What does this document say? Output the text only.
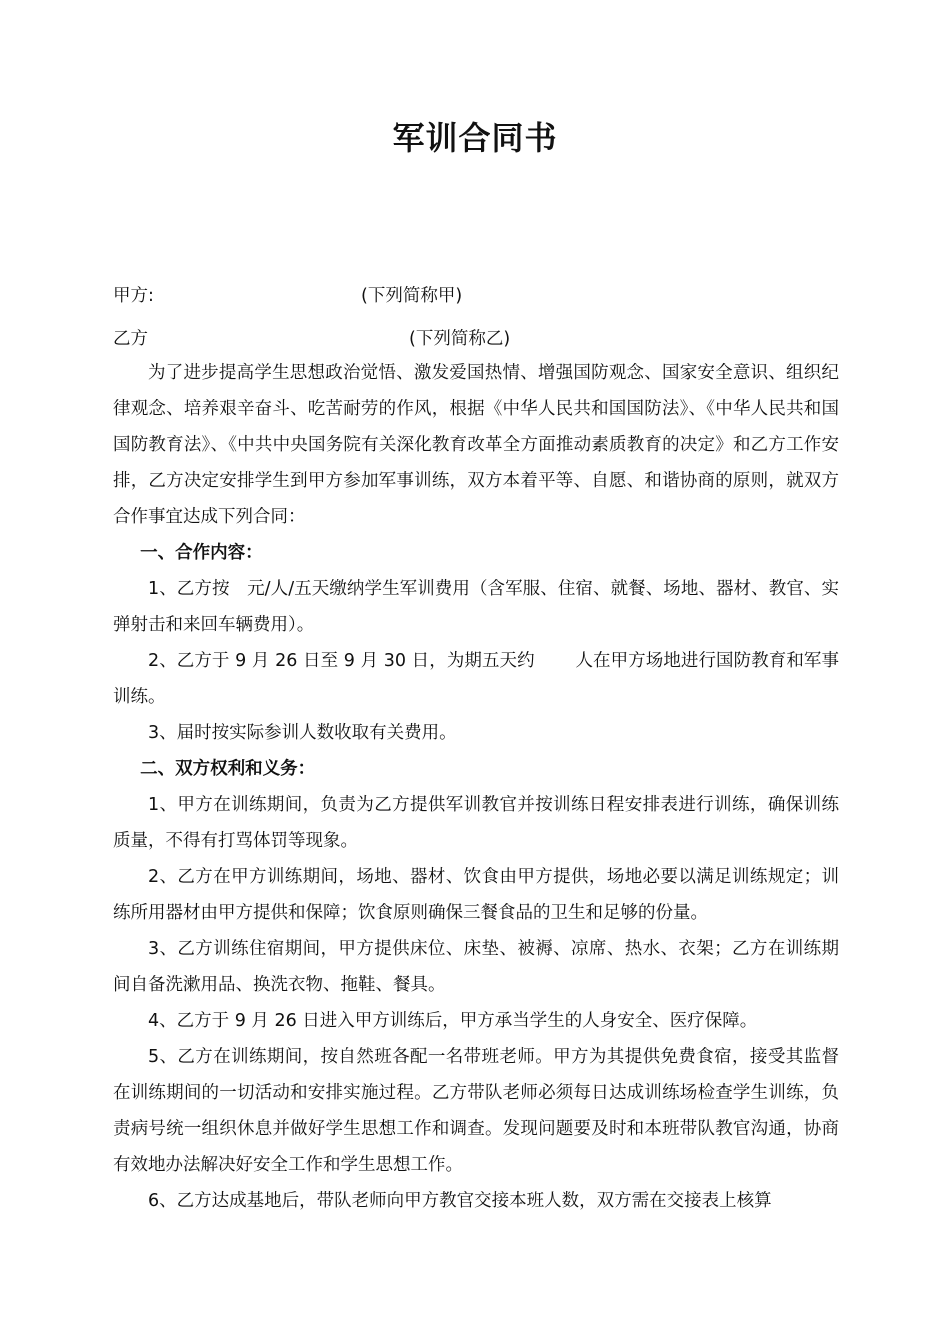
军训合同书
甲方:	(下列简称甲)
乙方	(下列简称乙)

为了进步提高学生思想政治觉悟、激发爱国热情、增强国防观念、国家安全意识、组织纪律观念、培养艰辛奋斗、吃苦耐劳的作风，根据《中华人民共和国国防法》、《中华人民共和国国防教育法》、《中共中央国务院有关深化教育改革全方面推动素质教育的决定》和乙方工作安排，乙方决定安排学生到甲方参加军事训练，双方本着平等、自愿、和谐协商的原则，就双方合作事宜达成下列合同：

一、合作内容：

1、乙方按　元/人/五天缴纳学生军训费用（含军服、住宿、就餐、场地、器材、教官、实弹射击和来回车辆费用）。

2、乙方于 9 月 26 日至 9 月 30 日，为期五天约　　 人在甲方场地进行国防教育和军事训练。

3、届时按实际参训人数收取有关费用。

二、双方权利和义务：

1、甲方在训练期间，负责为乙方提供军训教官并按训练日程安排表进行训练，确保训练质量，不得有打骂体罚等现象。

2、乙方在甲方训练期间，场地、器材、饮食由甲方提供，场地必要以满足训练规定；训练所用器材由甲方提供和保障；饮食原则确保三餐食品的卫生和足够的份量。

3、乙方训练住宿期间，甲方提供床位、床垫、被褥、凉席、热水、衣架；乙方在训练期间自备洗漱用品、换洗衣物、拖鞋、餐具。

4、乙方于 9 月 26 日进入甲方训练后，甲方承当学生的人身安全、医疗保障。

5、乙方在训练期间，按自然班各配一名带班老师。甲方为其提供免费食宿，接受其监督在训练期间的一切活动和安排实施过程。乙方带队老师必须每日达成训练场检查学生训练，负责病号统一组织休息并做好学生思想工作和调查。发现问题要及时和本班带队教官沟通，协商有效地办法解决好安全工作和学生思想工作。

6、乙方达成基地后，带队老师向甲方教官交接本班人数，双方需在交接表上核算
